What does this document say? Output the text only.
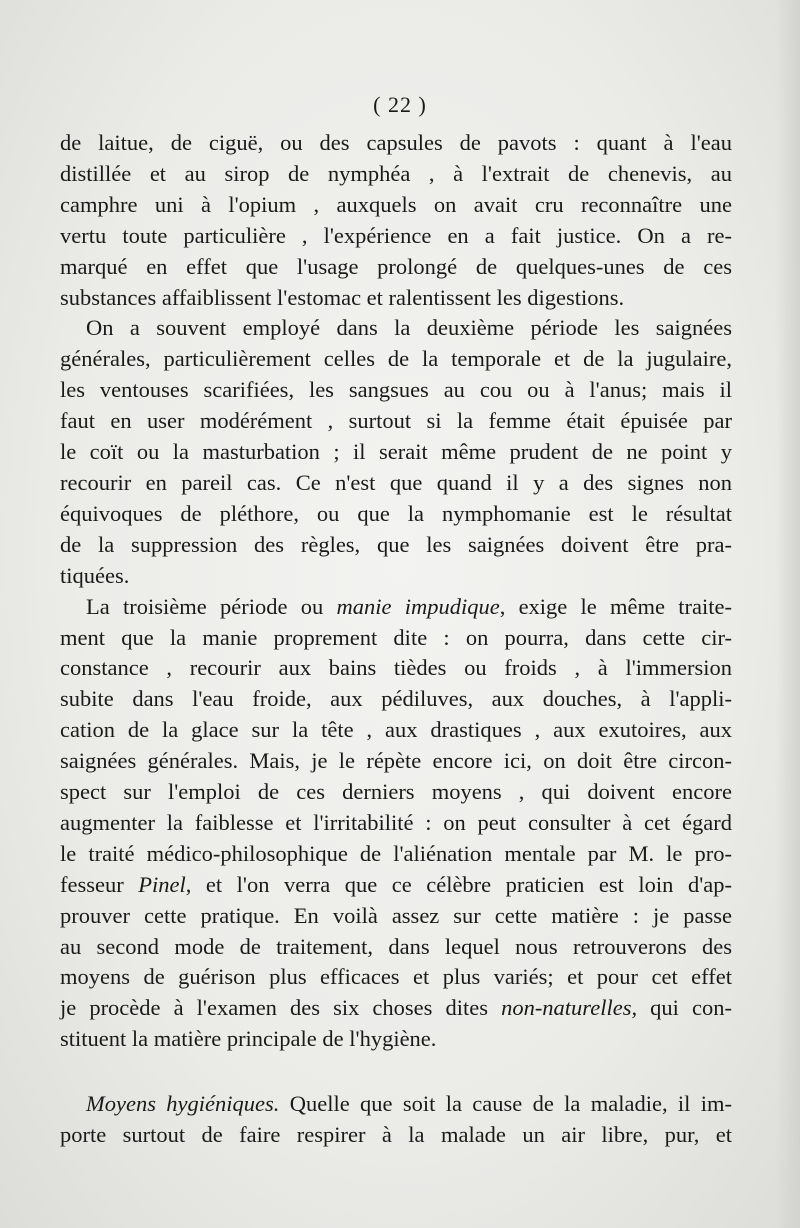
( 22 )

de laitue, de ciguë, ou des capsules de pavots : quant à l'eau
distillée et au sirop de nymphéa , à l'extrait de chenevis, au
camphre uni à l'opium , auxquels on avait cru reconnaître une
vertu toute particulière , l'expérience en a fait justice. On a re-
marqué en effet que l'usage prolongé de quelques-unes de ces
substances affaiblissent l'estomac et ralentissent les digestions.

On a souvent employé dans la deuxième période les saignées
générales, particulièrement celles de la temporale et de la jugulaire,
les ventouses scarifiées, les sangsues au cou ou à l'anus; mais il
faut en user modérément , surtout si la femme était épuisée par
le coït ou la masturbation ; il serait même prudent de ne point y
recourir en pareil cas. Ce n'est que quand il y a des signes non
équivoques de pléthore, ou que la nymphomanie est le résultat
de la suppression des règles, que les saignées doivent être pra-
tiquées.

La troisième période ou manie impudique, exige le même traite-
ment que la manie proprement dite : on pourra, dans cette cir-
constance , recourir aux bains tièdes ou froids , à l'immersion
subite dans l'eau froide, aux pédiluves, aux douches, à l'appli-
cation de la glace sur la tête , aux drastiques , aux exutoires, aux
saignées générales. Mais, je le répète encore ici, on doit être circon-
spect sur l'emploi de ces derniers moyens , qui doivent encore
augmenter la faiblesse et l'irritabilité : on peut consulter à cet égard
le traité médico-philosophique de l'aliénation mentale par M. le pro-
fesseur Pinel, et l'on verra que ce célèbre praticien est loin d'ap-
prouver cette pratique. En voilà assez sur cette matière : je passe
au second mode de traitement, dans lequel nous retrouverons des
moyens de guérison plus efficaces et plus variés; et pour cet effet
je procède à l'examen des six choses dites non-naturelles, qui con-
stituent la matière principale de l'hygiène.

Moyens hygiéniques. Quelle que soit la cause de la maladie, il im-
porte surtout de faire respirer à la malade un air libre, pur, et
